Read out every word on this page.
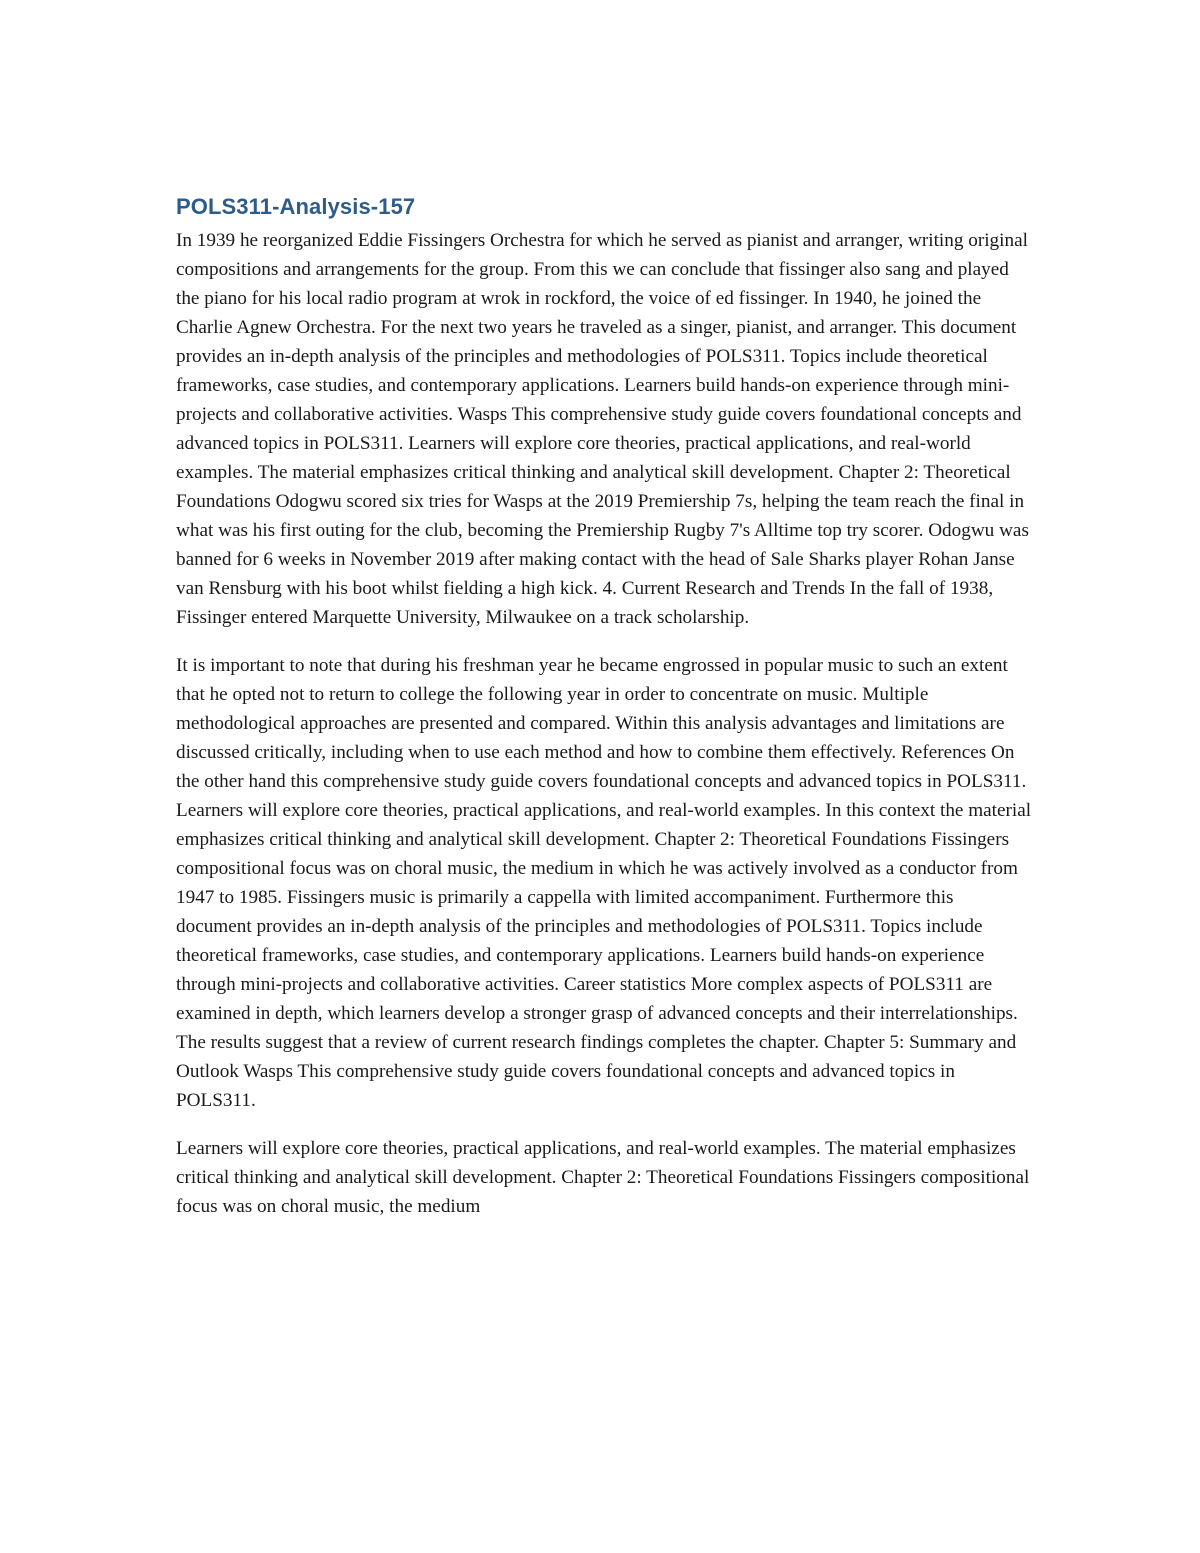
POLS311-Analysis-157

In 1939 he reorganized Eddie Fissingers Orchestra for which he served as pianist and arranger, writing original compositions and arrangements for the group. From this we can conclude that fissinger also sang and played the piano for his local radio program at wrok in rockford, the voice of ed fissinger. In 1940, he joined the Charlie Agnew Orchestra. For the next two years he traveled as a singer, pianist, and arranger. This document provides an in-depth analysis of the principles and methodologies of POLS311. Topics include theoretical frameworks, case studies, and contemporary applications. Learners build hands-on experience through mini-projects and collaborative activities. Wasps This comprehensive study guide covers foundational concepts and advanced topics in POLS311. Learners will explore core theories, practical applications, and real-world examples. The material emphasizes critical thinking and analytical skill development. Chapter 2: Theoretical Foundations Odogwu scored six tries for Wasps at the 2019 Premiership 7s, helping the team reach the final in what was his first outing for the club, becoming the Premiership Rugby 7's Alltime top try scorer. Odogwu was banned for 6 weeks in November 2019 after making contact with the head of Sale Sharks player Rohan Janse van Rensburg with his boot whilst fielding a high kick. 4. Current Research and Trends In the fall of 1938, Fissinger entered Marquette University, Milwaukee on a track scholarship.

It is important to note that during his freshman year he became engrossed in popular music to such an extent that he opted not to return to college the following year in order to concentrate on music. Multiple methodological approaches are presented and compared. Within this analysis advantages and limitations are discussed critically, including when to use each method and how to combine them effectively. References On the other hand this comprehensive study guide covers foundational concepts and advanced topics in POLS311. Learners will explore core theories, practical applications, and real-world examples. In this context the material emphasizes critical thinking and analytical skill development. Chapter 2: Theoretical Foundations Fissingers compositional focus was on choral music, the medium in which he was actively involved as a conductor from 1947 to 1985. Fissingers music is primarily a cappella with limited accompaniment. Furthermore this document provides an in-depth analysis of the principles and methodologies of POLS311. Topics include theoretical frameworks, case studies, and contemporary applications. Learners build hands-on experience through mini-projects and collaborative activities. Career statistics More complex aspects of POLS311 are examined in depth, which learners develop a stronger grasp of advanced concepts and their interrelationships. The results suggest that a review of current research findings completes the chapter. Chapter 5: Summary and Outlook Wasps This comprehensive study guide covers foundational concepts and advanced topics in POLS311.

Learners will explore core theories, practical applications, and real-world examples. The material emphasizes critical thinking and analytical skill development. Chapter 2: Theoretical Foundations Fissingers compositional focus was on choral music, the medium
